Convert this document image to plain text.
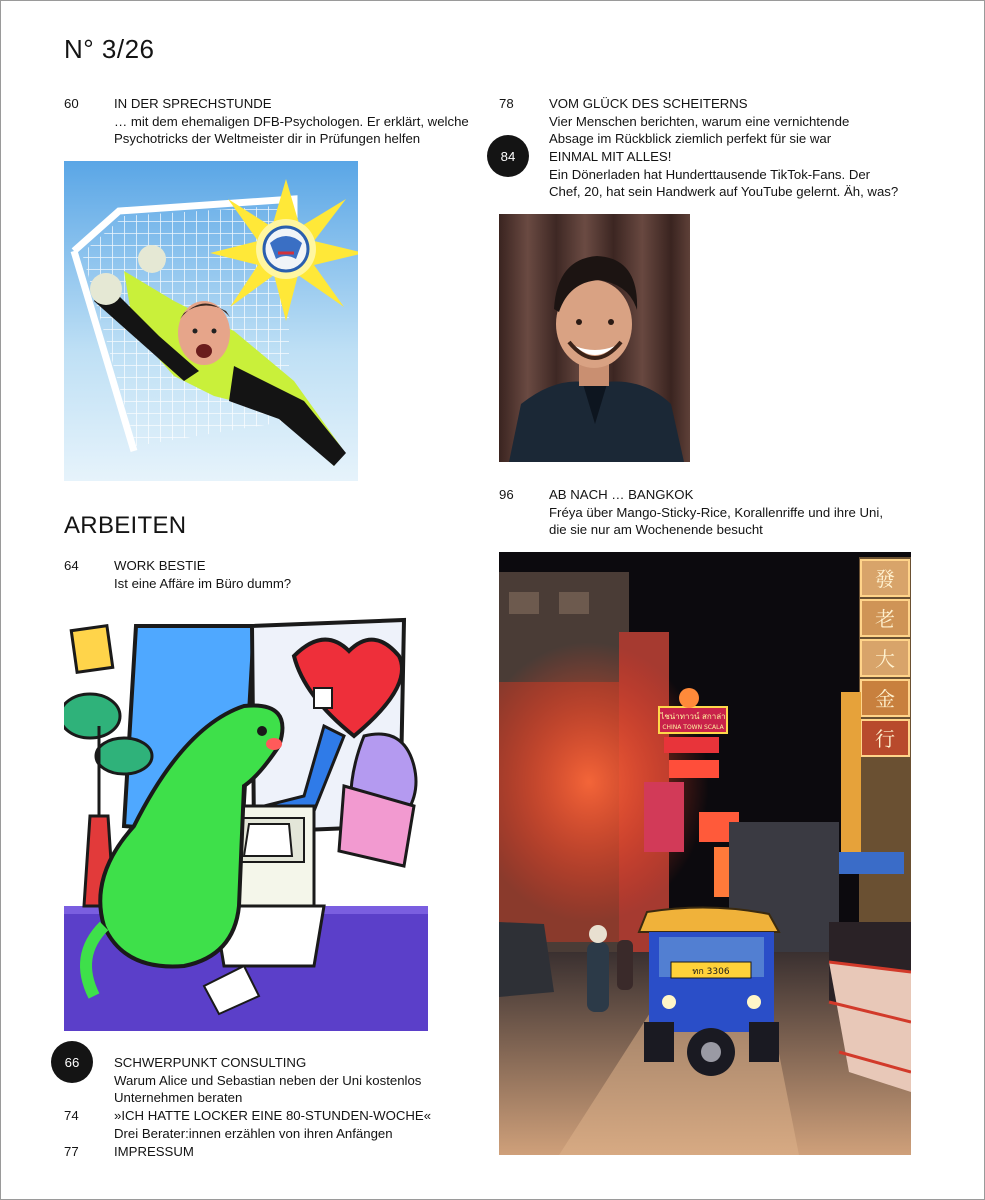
N° 3/26
60	IN DER SPRECHSTUNDE
… mit dem ehemaligen DFB-Psychologen. Er erklärt, welche
Psychotricks der Weltmeister dir in Prüfungen helfen
78	VOM GLÜCK DES SCHEITERNS
Vier Menschen berichten, warum eine vernichtende
Absage im Rückblick ziemlich perfekt für sie war
84	EINMAL MIT ALLES!
Ein Dönerladen hat Hunderttausende TikTok-Fans. Der
Chef, 20, hat sein Handwerk auf YouTube gelernt. Äh, was?
96	AB NACH … BANGKOK
Fréya über Mango-Sticky-Rice, Korallenriffe und ihre Uni,
die sie nur am Wochenende besucht
ARBEITEN
64	WORK BESTIE
Ist eine Affäre im Büro dumm?
ไชน่าทาวน์ สกาล่า
CHINA TOWN SCALA
發
老
大
金
行
ทก 3306
66	SCHWERPUNKT CONSULTING
Warum Alice und Sebastian neben der Uni kostenlos
Unternehmen beraten
74	»ICH HATTE LOCKER EINE 80-STUNDEN-WOCHE«
Drei Berater:innen erzählen von ihren Anfängen
77	IMPRESSUM
